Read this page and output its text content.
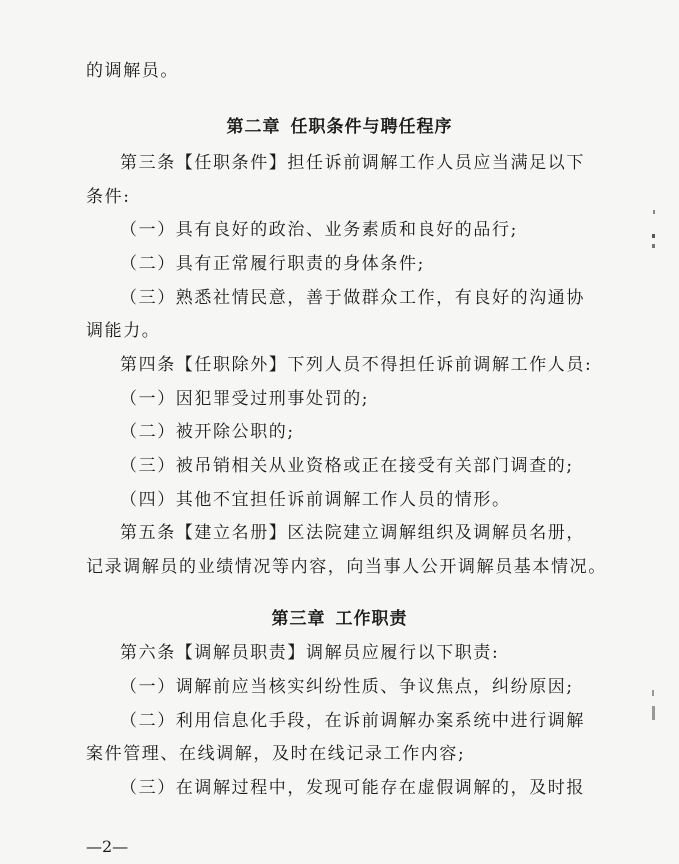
的调解员。
第二章 任职条件与聘任程序
第三条【任职条件】担任诉前调解工作人员应当满足以下
条件:
（一）具有良好的政治、业务素质和良好的品行;
（二）具有正常履行职责的身体条件;
（三）熟悉社情民意，善于做群众工作，有良好的沟通协
调能力。
第四条【任职除外】下列人员不得担任诉前调解工作人员:
（一）因犯罪受过刑事处罚的;
（二）被开除公职的;
（三）被吊销相关从业资格或正在接受有关部门调查的;
（四）其他不宜担任诉前调解工作人员的情形。
第五条【建立名册】区法院建立调解组织及调解员名册，
记录调解员的业绩情况等内容，向当事人公开调解员基本情况。
第三章 工作职责
第六条【调解员职责】调解员应履行以下职责:
（一）调解前应当核实纠纷性质、争议焦点，纠纷原因;
（二）利用信息化手段，在诉前调解办案系统中进行调解
案件管理、在线调解，及时在线记录工作内容;
（三）在调解过程中，发现可能存在虚假调解的，及时报
—2—
